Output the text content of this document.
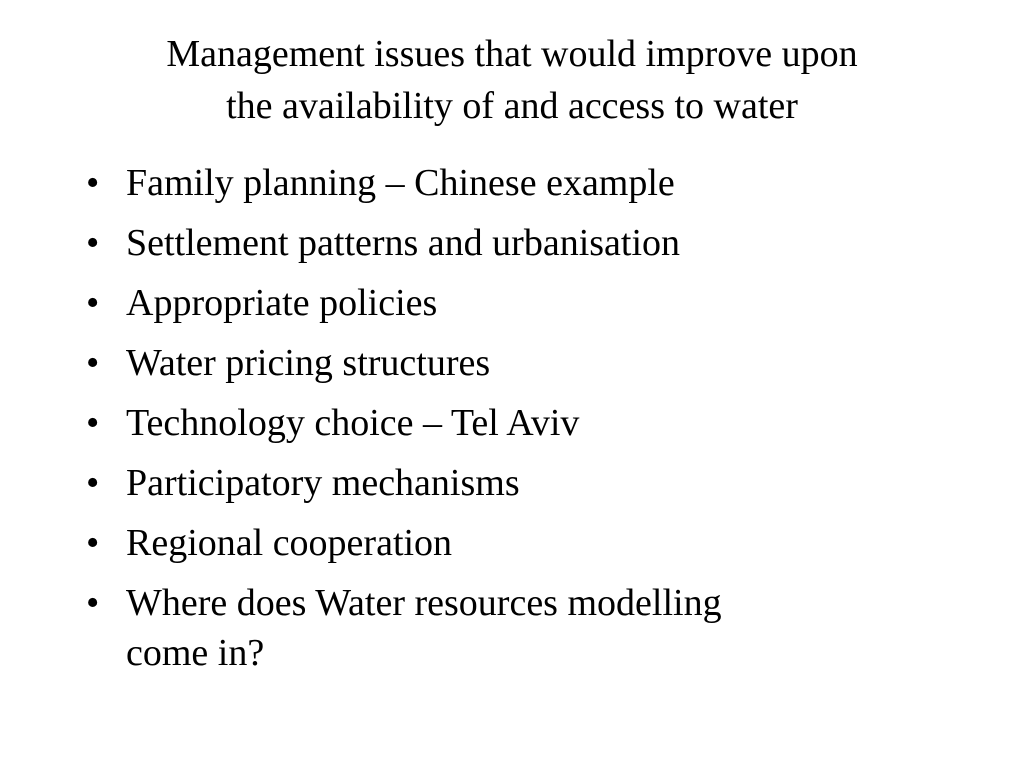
Management issues that would improve upon
the availability of and access to water
• Family planning – Chinese example
• Settlement patterns and urbanisation
• Appropriate policies
• Water pricing structures
• Technology choice – Tel Aviv
• Participatory mechanisms
• Regional cooperation
• Where does Water resources modelling
come in?
